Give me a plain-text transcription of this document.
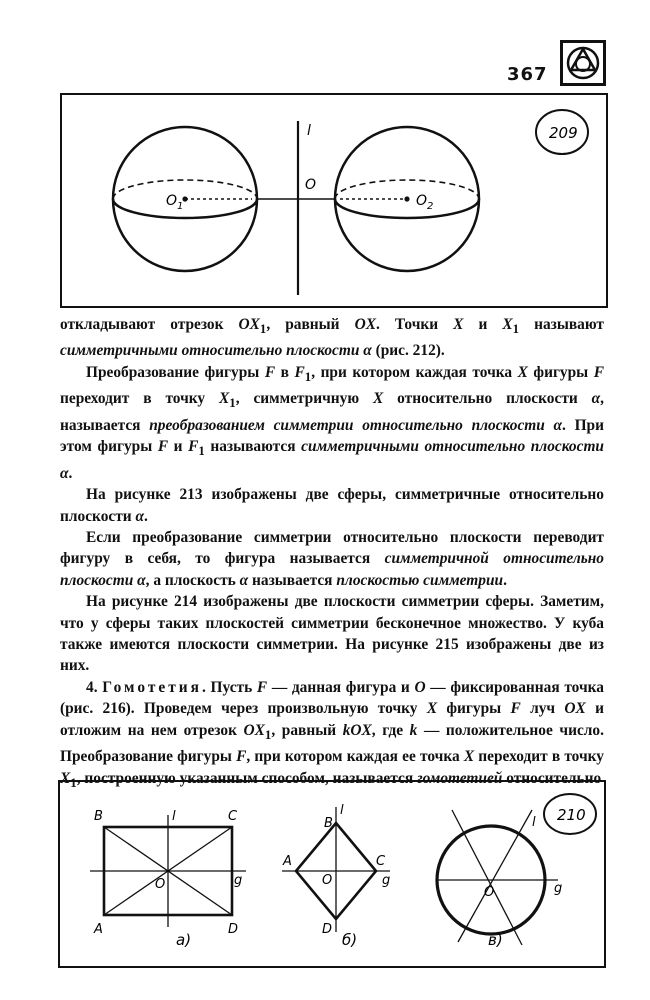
367
l
O
$O_1$	$O_2$
209

откладывают отрезок $OX_1$, равный OX. Точки X и $X_1$ называют симметричными относительно плоскости α (рис. 212).

Преобразование фигуры F в $F_1$, при котором каждая точка X фигуры F переходит в точку $X_1$, симметричную X относительно плоскости α, называется преобразованием симметрии относительно плоскости α. При этом фигуры F и $F_1$ называются симметричными относительно плоскости α.

На рисунке 213 изображены две сферы, симметричные относительно плоскости α.

Если преобразование симметрии относительно плоскости переводит фигуру в себя, то фигура называется симметричной относительно плоскости α, а плоскость α называется плоскостью симметрии.

На рисунке 214 изображены две плоскости симметрии сферы. Заметим, что у сферы таких плоскостей симметрии бесконечное множество. У куба также имеются плоскости симметрии. На рисунке 215 изображены две из них.

4. Гомотетия. Пусть F — данная фигура и O — фиксированная точка (рис. 216). Проведем через произвольную точку X фигуры F луч OX и отложим на нем отрезок $OX_1$, равный kOX, где k — положительное число. Преобразование фигуры F, при котором каждая ее точка X переходит в точку $X_1$, построенную указанным способом, называется гомотетией относительно

B	l	C
g
O
A	D
а)
B
l
A	C
g
O
D
б)
l
g
O
в)
210
